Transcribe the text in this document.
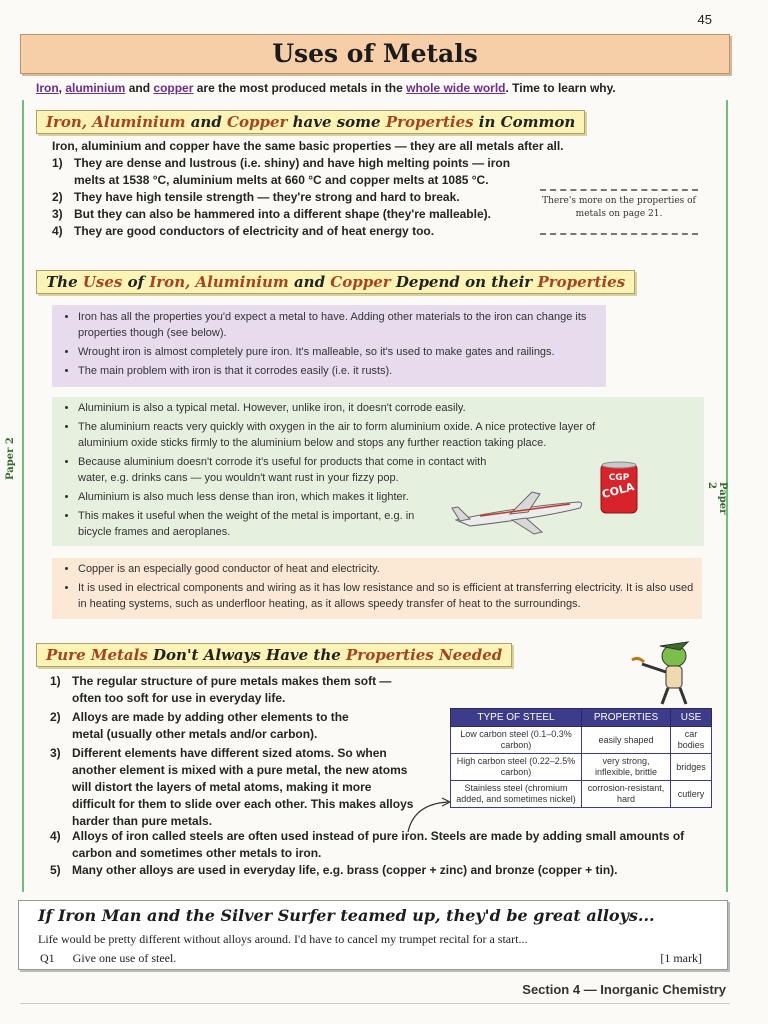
45
Uses of Metals
Iron, aluminium and copper are the most produced metals in the whole wide world. Time to learn why.
Paper 2
Paper 2
Iron, Aluminium and Copper have some Properties in Common
Iron, aluminium and copper have the same basic properties — they are all metals after all.
1) They are dense and lustrous (i.e. shiny) and have high melting points — iron melts at 1538 °C, aluminium melts at 660 °C and copper melts at 1085 °C.
2) They have high tensile strength — they're strong and hard to break.
3) But they can also be hammered into a different shape (they're malleable).
4) They are good conductors of electricity and of heat energy too.
There's more on the properties of metals on page 21.
The Uses of Iron, Aluminium and Copper Depend on their Properties
• Iron has all the properties you'd expect a metal to have. Adding other materials to the iron can change its properties though (see below).
• Wrought iron is almost completely pure iron. It's malleable, so it's used to make gates and railings.
• The main problem with iron is that it corrodes easily (i.e. it rusts).
• Aluminium is also a typical metal. However, unlike iron, it doesn't corrode easily.
• The aluminium reacts very quickly with oxygen in the air to form aluminium oxide. A nice protective layer of aluminium oxide sticks firmly to the aluminium below and stops any further reaction taking place.
• Because aluminium doesn't corrode it's useful for products that come in contact with water, e.g. drinks cans — you wouldn't want rust in your fizzy pop.
• Aluminium is also much less dense than iron, which makes it lighter.
• This makes it useful when the weight of the metal is important, e.g. in bicycle frames and aeroplanes.
CGP
COLA
• Copper is an especially good conductor of heat and electricity.
• It is used in electrical components and wiring as it has low resistance and so is efficient at transferring electricity. It is also used in heating systems, such as underfloor heating, as it allows speedy transfer of heat to the surroundings.
Pure Metals Don't Always Have the Properties Needed
1) The regular structure of pure metals makes them soft — often too soft for use in everyday life.
2) Alloys are made by adding other elements to the metal (usually other metals and/or carbon).
3) Different elements have different sized atoms. So when another element is mixed with a pure metal, the new atoms will distort the layers of metal atoms, making it more difficult for them to slide over each other. This makes alloys harder than pure metals.
4) Alloys of iron called steels are often used instead of pure iron. Steels are made by adding small amounts of carbon and sometimes other metals to iron.
5) Many other alloys are used in everyday life, e.g. brass (copper + zinc) and bronze (copper + tin).
TYPE OF STEEL	PROPERTIES	USE
Low carbon steel (0.1–0.3% carbon)	easily shaped	car bodies
High carbon steel (0.22–2.5% carbon)	very strong, inflexible, brittle	bridges
Stainless steel (chromium added, and sometimes nickel)	corrosion-resistant, hard	cutlery
If Iron Man and the Silver Surfer teamed up, they'd be great alloys...
Life would be pretty different without alloys around. I'd have to cancel my trumpet recital for a start...
Q1 Give one use of steel.	[1 mark]
Section 4 — Inorganic Chemistry
